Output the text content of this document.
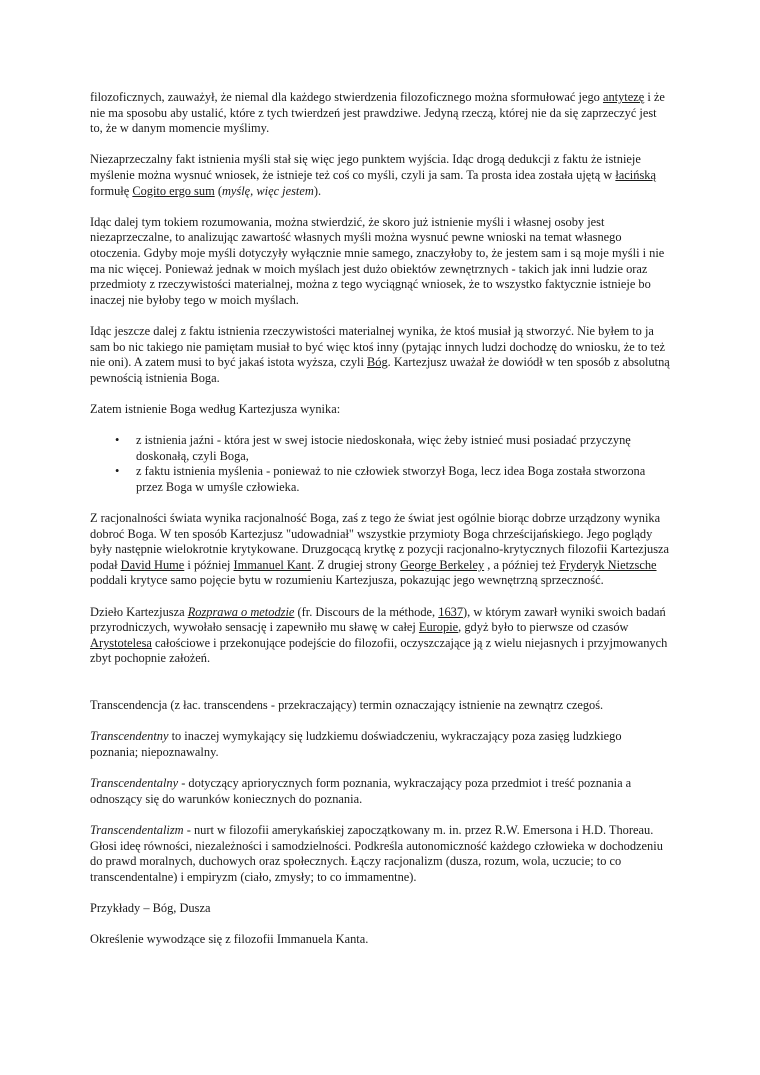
filozoficznych, zauważył, że niemal dla każdego stwierdzenia filozoficznego można sformułować jego antytezę i że nie ma sposobu aby ustalić, które z tych twierdzeń jest prawdziwe. Jedyną rzeczą, której nie da się zaprzeczyć jest to, że w danym momencie myślimy.

Niezaprzeczalny fakt istnienia myśli stał się więc jego punktem wyjścia. Idąc drogą dedukcji z faktu że istnieje myślenie można wysnuć wniosek, że istnieje też coś co myśli, czyli ja sam. Ta prosta idea została ujętą w łacińską formułę Cogito ergo sum (myślę, więc jestem).

Idąc dalej tym tokiem rozumowania, można stwierdzić, że skoro już istnienie myśli i własnej osoby jest niezaprzeczalne, to analizując zawartość własnych myśli można wysnuć pewne wnioski na temat własnego otoczenia. Gdyby moje myśli dotyczyły wyłącznie mnie samego, znaczyłoby to, że jestem sam i są moje myśli i nie ma nic więcej. Ponieważ jednak w moich myślach jest dużo obiektów zewnętrznych - takich jak inni ludzie oraz przedmioty z rzeczywistości materialnej, można z tego wyciągnąć wniosek, że to wszystko faktycznie istnieje bo inaczej nie byłoby tego w moich myślach.

Idąc jeszcze dalej z faktu istnienia rzeczywistości materialnej wynika, że ktoś musiał ją stworzyć. Nie byłem to ja sam bo nic takiego nie pamiętam musiał to być więc ktoś inny (pytając innych ludzi dochodzę do wniosku, że to też nie oni). A zatem musi to być jakaś istota wyższa, czyli Bóg. Kartezjusz uważał że dowiódł w ten sposób z absolutną pewnością istnienia Boga.

Zatem istnienie Boga według Kartezjusza wynika:

• z istnienia jaźni - która jest w swej istocie niedoskonała, więc żeby istnieć musi posiadać przyczynę doskonałą, czyli Boga,
• z faktu istnienia myślenia - ponieważ to nie człowiek stworzył Boga, lecz idea Boga została stworzona przez Boga w umyśle człowieka.

Z racjonalności świata wynika racjonalność Boga, zaś z tego że świat jest ogólnie biorąc dobrze urządzony wynika dobroć Boga. W ten sposób Kartezjusz "udowadniał" wszystkie przymioty Boga chrześcijańskiego. Jego poglądy były następnie wielokrotnie krytykowane. Druzgocącą krytkę z pozycji racjonalno-krytycznych filozofii Kartezjusza podał David Hume i później Immanuel Kant. Z drugiej strony George Berkeley , a później też Fryderyk Nietzsche poddali krytyce samo pojęcie bytu w rozumieniu Kartezjusza, pokazując jego wewnętrzną sprzeczność.

Dzieło Kartezjusza Rozprawa o metodzie (fr. Discours de la méthode, 1637), w którym zawarł wyniki swoich badań przyrodniczych, wywołało sensację i zapewniło mu sławę w całej Europie, gdyż było to pierwsze od czasów Arystotelesa całościowe i przekonujące podejście do filozofii, oczyszczające ją z wielu niejasnych i przyjmowanych zbyt pochopnie założeń.

Transcendencja (z łac. transcendens - przekraczający) termin oznaczający istnienie na zewnątrz czegoś.

Transcendentny to inaczej wymykający się ludzkiemu doświadczeniu, wykraczający poza zasięg ludzkiego poznania; niepoznawalny.

Transcendentalny - dotyczący apriorycznych form poznania, wykraczający poza przedmiot i treść poznania a odnoszący się do warunków koniecznych do poznania.

Transcendentalizm - nurt w filozofii amerykańskiej zapoczątkowany m. in. przez R.W. Emersona i H.D. Thoreau. Głosi ideę równości, niezależności i samodzielności. Podkreśla autonomiczność każdego człowieka w dochodzeniu do prawd moralnych, duchowych oraz społecznych. Łączy racjonalizm (dusza, rozum, wola, uczucie; to co transcendentalne) i empiryzm (ciało, zmysły; to co immamentne).

Przykłady – Bóg, Dusza

Określenie wywodzące się z filozofii Immanuela Kanta.
